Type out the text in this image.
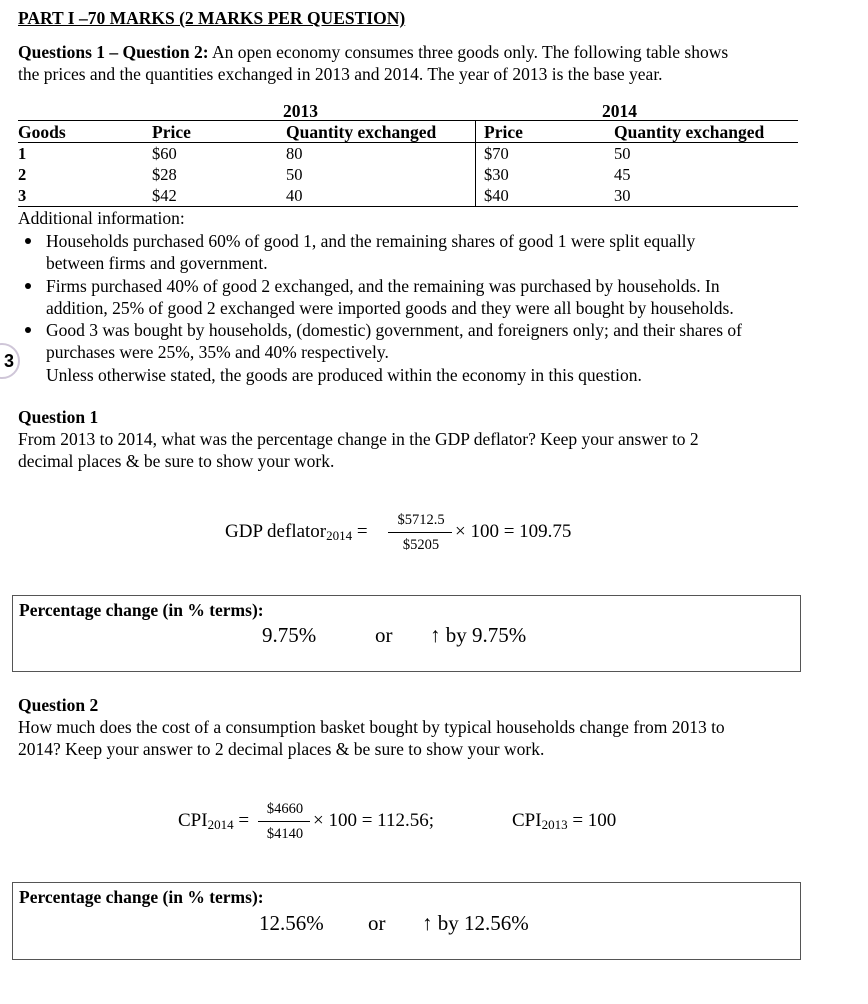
PART I –70 MARKS (2 MARKS PER QUESTION)
Questions 1 – Question 2: An open economy consumes three goods only. The following table shows
the prices and the quantities exchanged in 2013 and 2014. The year of 2013 is the base year.
2013	2014
Goods	Price	Quantity exchanged	Price	Quantity exchanged
1	$60	80	$70	50
2	$28	50	$30	45
3	$42	40	$40	30
Additional information:
Households purchased 60% of good 1, and the remaining shares of good 1 were split equally
between firms and government.
Firms purchased 40% of good 2 exchanged, and the remaining was purchased by households. In
addition, 25% of good 2 exchanged were imported goods and they were all bought by households.
Good 3 was bought by households, (domestic) government, and foreigners only; and their shares of
purchases were 25%, 35% and 40% respectively.
Unless otherwise stated, the goods are produced within the economy in this question.
3
Question 1
From 2013 to 2014, what was the percentage change in the GDP deflator? Keep your answer to 2
decimal places & be sure to show your work.
GDP deflator$_{2014}$ =
$5712.5
$5205
× 100 = 109.75
Percentage change (in % terms):
9.75%	or ↑ by 9.75%
Question 2
How much does the cost of a consumption basket bought by typical households change from 2013 to
2014? Keep your answer to 2 decimal places & be sure to show your work.
$CPI_{2014}$ =
$4660
$4140
× 100 = 112.56;	$CPI_{2013} = 100$
Percentage change (in % terms):
12.56% or ↑ by 12.56%
